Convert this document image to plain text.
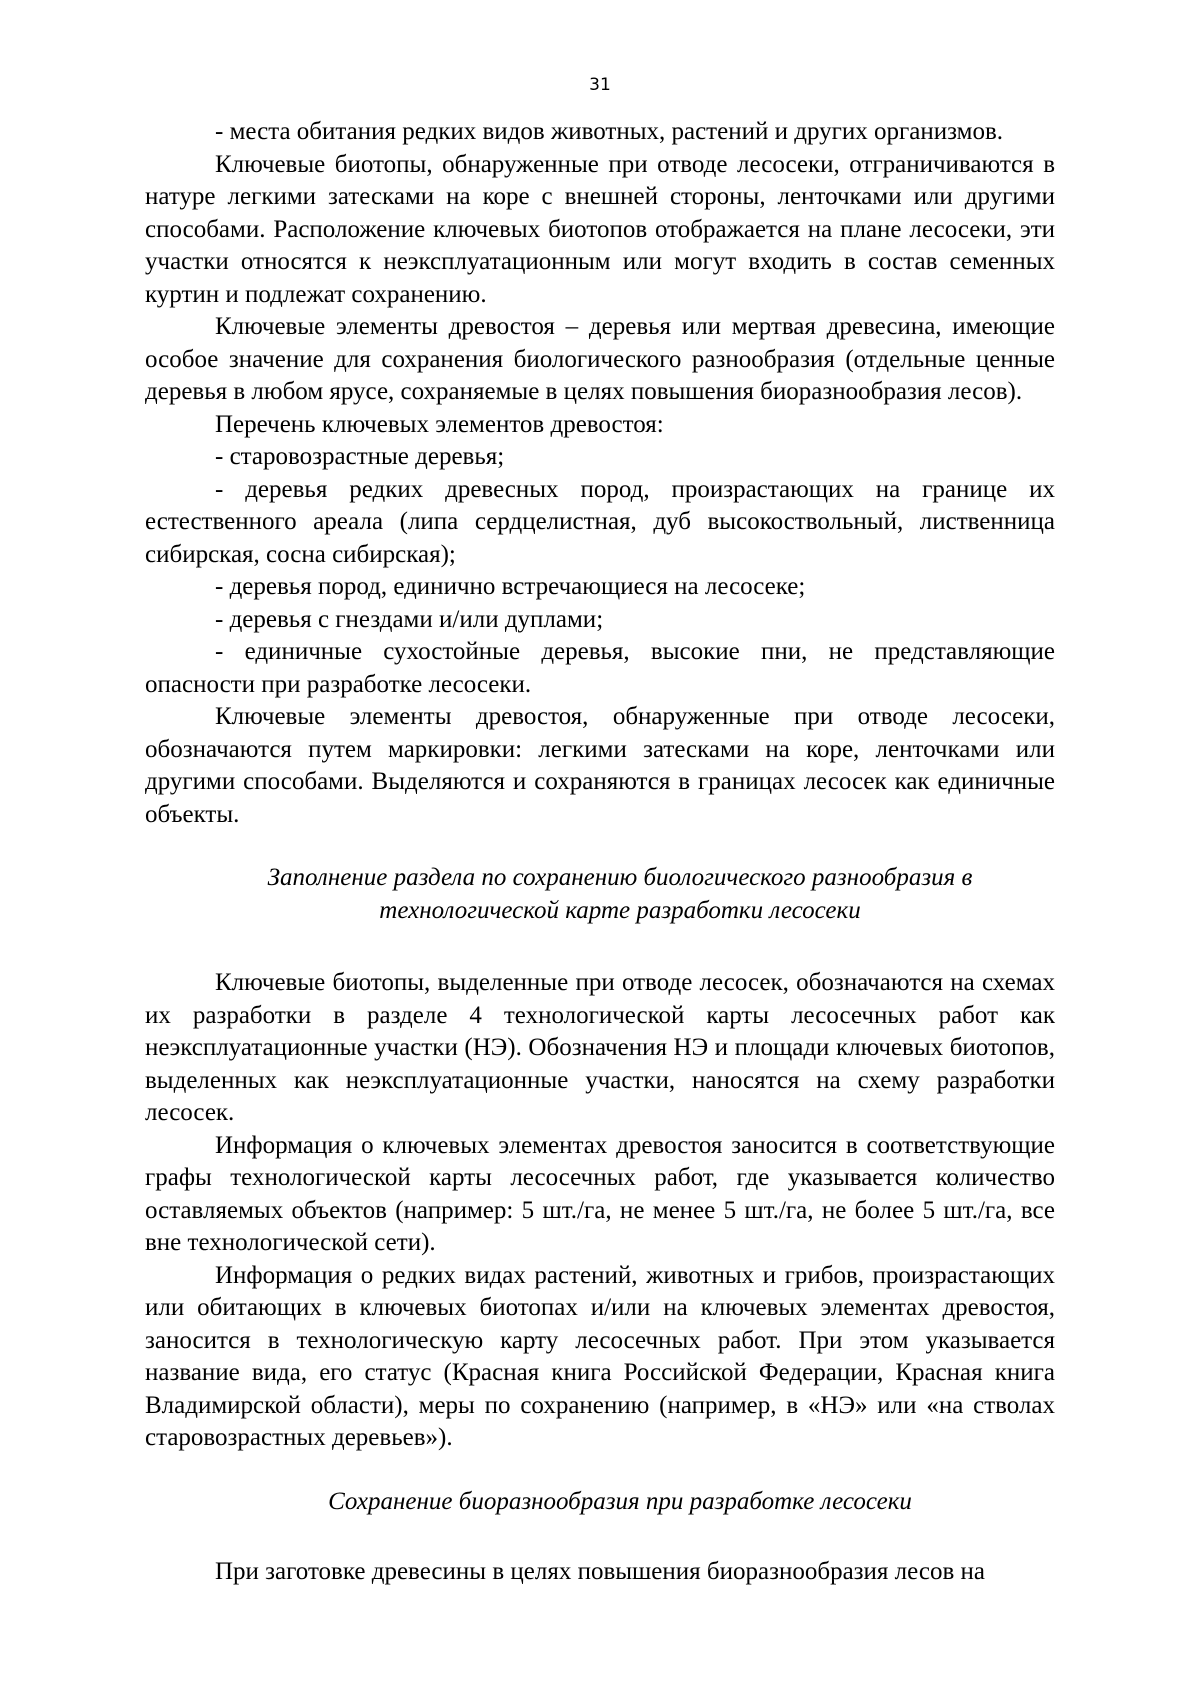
31

- места обитания редких видов животных, растений и других организмов.

Ключевые биотопы, обнаруженные при отводе лесосеки, отграничиваются в натуре легкими затесками на коре с внешней стороны, ленточками или другими способами. Расположение ключевых биотопов отображается на плане лесосеки, эти участки относятся к неэксплуатационным или могут входить в состав семенных куртин и подлежат сохранению.

Ключевые элементы древостоя – деревья или мертвая древесина, имеющие особое значение для сохранения биологического разнообразия (отдельные ценные деревья в любом ярусе, сохраняемые в целях повышения биоразнообразия лесов).

Перечень ключевых элементов древостоя:

- старовозрастные деревья;

- деревья редких древесных пород, произрастающих на границе их естественного ареала (липа сердцелистная, дуб высокоствольный, лиственница сибирская, сосна сибирская);

- деревья пород, единично встречающиеся на лесосеке;

- деревья с гнездами и/или дуплами;

- единичные сухостойные деревья, высокие пни, не представляющие опасности при разработке лесосеки.

Ключевые элементы древостоя, обнаруженные при отводе лесосеки, обозначаются путем маркировки: легкими затесками на коре, ленточками или другими способами. Выделяются и сохраняются в границах лесосек как единичные объекты.

Заполнение раздела по сохранению биологического разнообразия в
технологической карте разработки лесосеки

Ключевые биотопы, выделенные при отводе лесосек, обозначаются на схемах их разработки в разделе 4 технологической карты лесосечных работ как неэксплуатационные участки (НЭ). Обозначения НЭ и площади ключевых биотопов, выделенных как неэксплуатационные участки, наносятся на схему разработки лесосек.

Информация о ключевых элементах древостоя заносится в соответствующие графы технологической карты лесосечных работ, где указывается количество оставляемых объектов (например: 5 шт./га, не менее 5 шт./га, не более 5 шт./га, все вне технологической сети).

Информация о редких видах растений, животных и грибов, произрастающих или обитающих в ключевых биотопах и/или на ключевых элементах древостоя, заносится в технологическую карту лесосечных работ. При этом указывается название вида, его статус (Красная книга Российской Федерации, Красная книга Владимирской области), меры по сохранению (например, в «НЭ» или «на стволах старовозрастных деревьев»).

Сохранение биоразнообразия при разработке лесосеки

При заготовке древесины в целях повышения биоразнообразия лесов на
